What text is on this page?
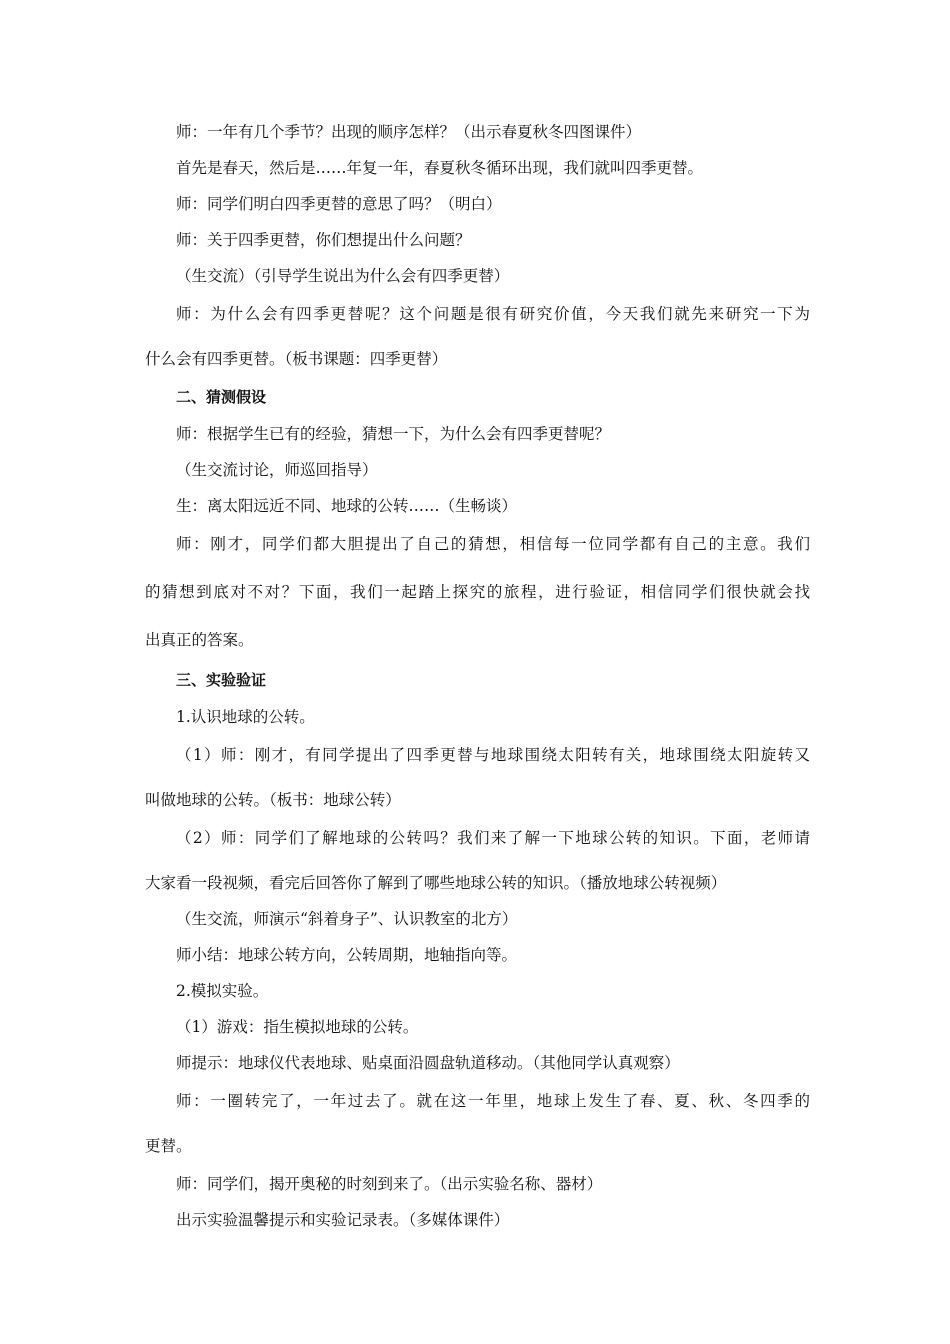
师：一年有几个季节？出现的顺序怎样？（出示春夏秋冬四图课件）

首先是春天，然后是……年复一年，春夏秋冬循环出现，我们就叫四季更替。

师：同学们明白四季更替的意思了吗？（明白）

师：关于四季更替，你们想提出什么问题？

（生交流）（引导学生说出为什么会有四季更替）

师：为什么会有四季更替呢？这个问题是很有研究价值，今天我们就先来研究一下为

什么会有四季更替。（板书课题：四季更替）

二、猜测假设

师：根据学生已有的经验，猜想一下，为什么会有四季更替呢？

（生交流讨论，师巡回指导）

生：离太阳远近不同、地球的公转……（生畅谈）

师：刚才，同学们都大胆提出了自己的猜想，相信每一位同学都有自己的主意。我们

的猜想到底对不对？下面，我们一起踏上探究的旅程，进行验证，相信同学们很快就会找

出真正的答案。

三、实验验证

1.认识地球的公转。

（1）师：刚才，有同学提出了四季更替与地球围绕太阳转有关，地球围绕太阳旋转又

叫做地球的公转。（板书：地球公转）

（2）师：同学们了解地球的公转吗？我们来了解一下地球公转的知识。下面，老师请

大家看一段视频，看完后回答你了解到了哪些地球公转的知识。（播放地球公转视频）

（生交流，师演示“斜着身子”、认识教室的北方）

师小结：地球公转方向，公转周期，地轴指向等。

2.模拟实验。

（1）游戏：指生模拟地球的公转。

师提示：地球仪代表地球、贴桌面沿圆盘轨道移动。（其他同学认真观察）

师：一圈转完了，一年过去了。就在这一年里，地球上发生了春、夏、秋、冬四季的

更替。

师：同学们，揭开奥秘的时刻到来了。（出示实验名称、器材）

出示实验温馨提示和实验记录表。（多媒体课件）
